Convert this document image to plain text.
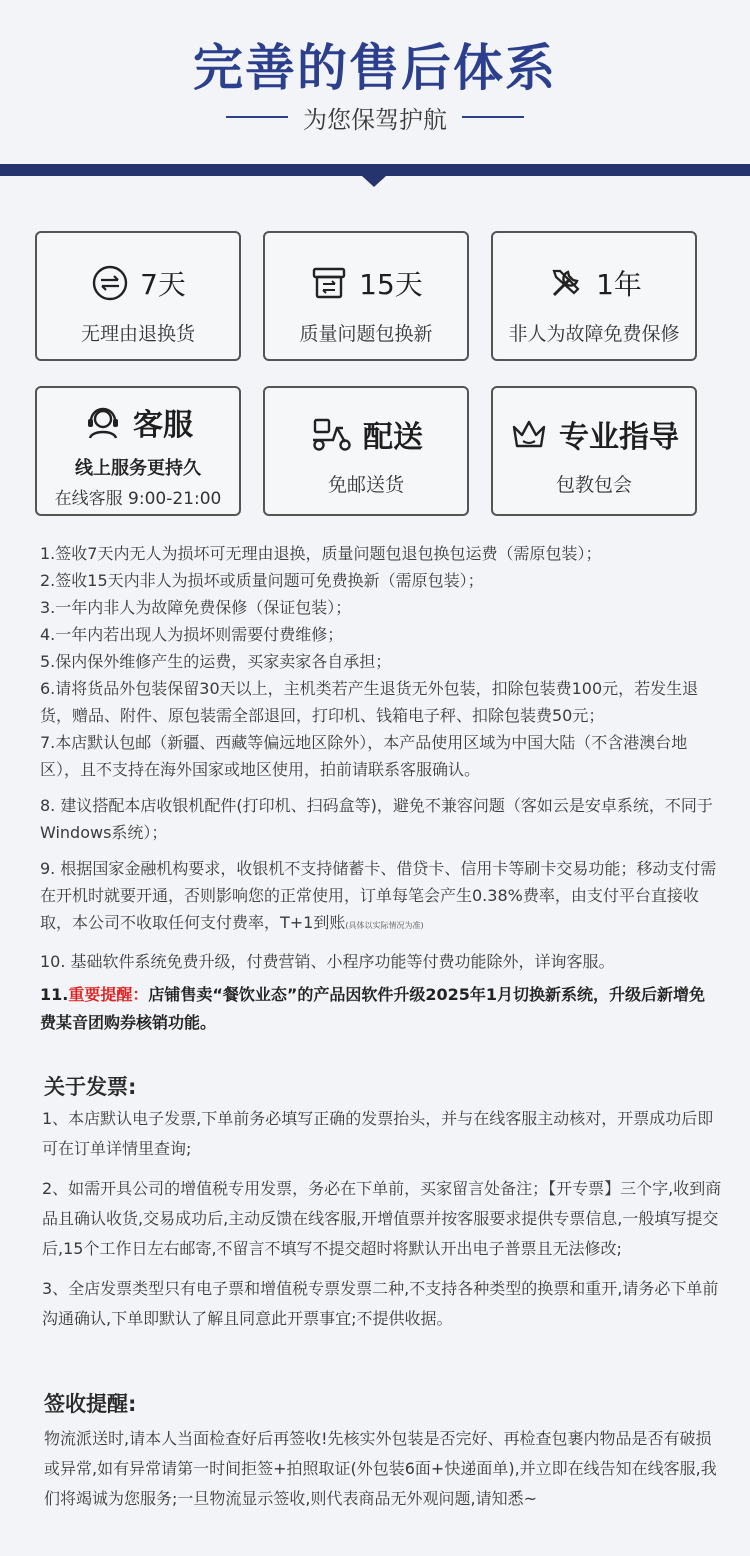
完善的售后体系
为您保驾护航
7天
无理由退换货
15天
质量问题包换新
1年
非人为故障免费保修
客服
线上服务更持久
在线客服 9:00-21:00
配送
免邮送货
专业指导
包教包会

1.签收7天内无人为损坏可无理由退换，质量问题包退包换包运费（需原包装）；

2.签收15天内非人为损坏或质量问题可免费换新（需原包装）；

3.一年内非人为故障免费保修（保证包装）；

4.一年内若出现人为损坏则需要付费维修；

5.保内保外维修产生的运费，买家卖家各自承担；

6.请将货品外包装保留30天以上，主机类若产生退货无外包装，扣除包装费100元，若发生退货，赠品、附件、原包装需全部退回，打印机、钱箱电子秤、扣除包装费50元；

7.本店默认包邮（新疆、西藏等偏远地区除外），本产品使用区域为中国大陆（不含港澳台地区），且不支持在海外国家或地区使用，拍前请联系客服确认。

8. 建议搭配本店收银机配件(打印机、扫码盒等)，避免不兼容问题（客如云是安卓系统，不同于Windows系统）；

9. 根据国家金融机构要求，收银机不支持储蓄卡、借贷卡、信用卡等刷卡交易功能；移动支付需在开机时就要开通，否则影响您的正常使用，订单每笔会产生0.38%费率，由支付平台直接收取，本公司不收取任何支付费率，T+1到账(具体以实际情况为准)

10. 基础软件系统免费升级，付费营销、小程序功能等付费功能除外，详询客服。

11.重要提醒：店铺售卖“餐饮业态”的产品因软件升级2025年1月切换新系统，升级后新增免费某音团购券核销功能。

关于发票:

1、本店默认电子发票,下单前务必填写正确的发票抬头，并与在线客服主动核对，开票成功后即可在订单详情里查询;

2、如需开具公司的增值税专用发票，务必在下单前，买家留言处备注；【开专票】三个字,收到商品且确认收货,交易成功后,主动反馈在线客服,开增值票并按客服要求提供专票信息,一般填写提交后,15个工作日左右邮寄,不留言不填写不提交超时将默认开出电子普票且无法修改;

3、全店发票类型只有电子票和增值税专票发票二种,不支持各种类型的换票和重开,请务必下单前沟通确认,下单即默认了解且同意此开票事宜;不提供收据。

签收提醒:
物流派送时,请本人当面检查好后再签收!先核实外包装是否完好、再检查包裹内物品是否有破损或异常,如有异常请第一时间拒签+拍照取证(外包装6面+快递面单),并立即在线告知在线客服,我们将竭诚为您服务;一旦物流显示签收,则代表商品无外观问题,请知悉~
